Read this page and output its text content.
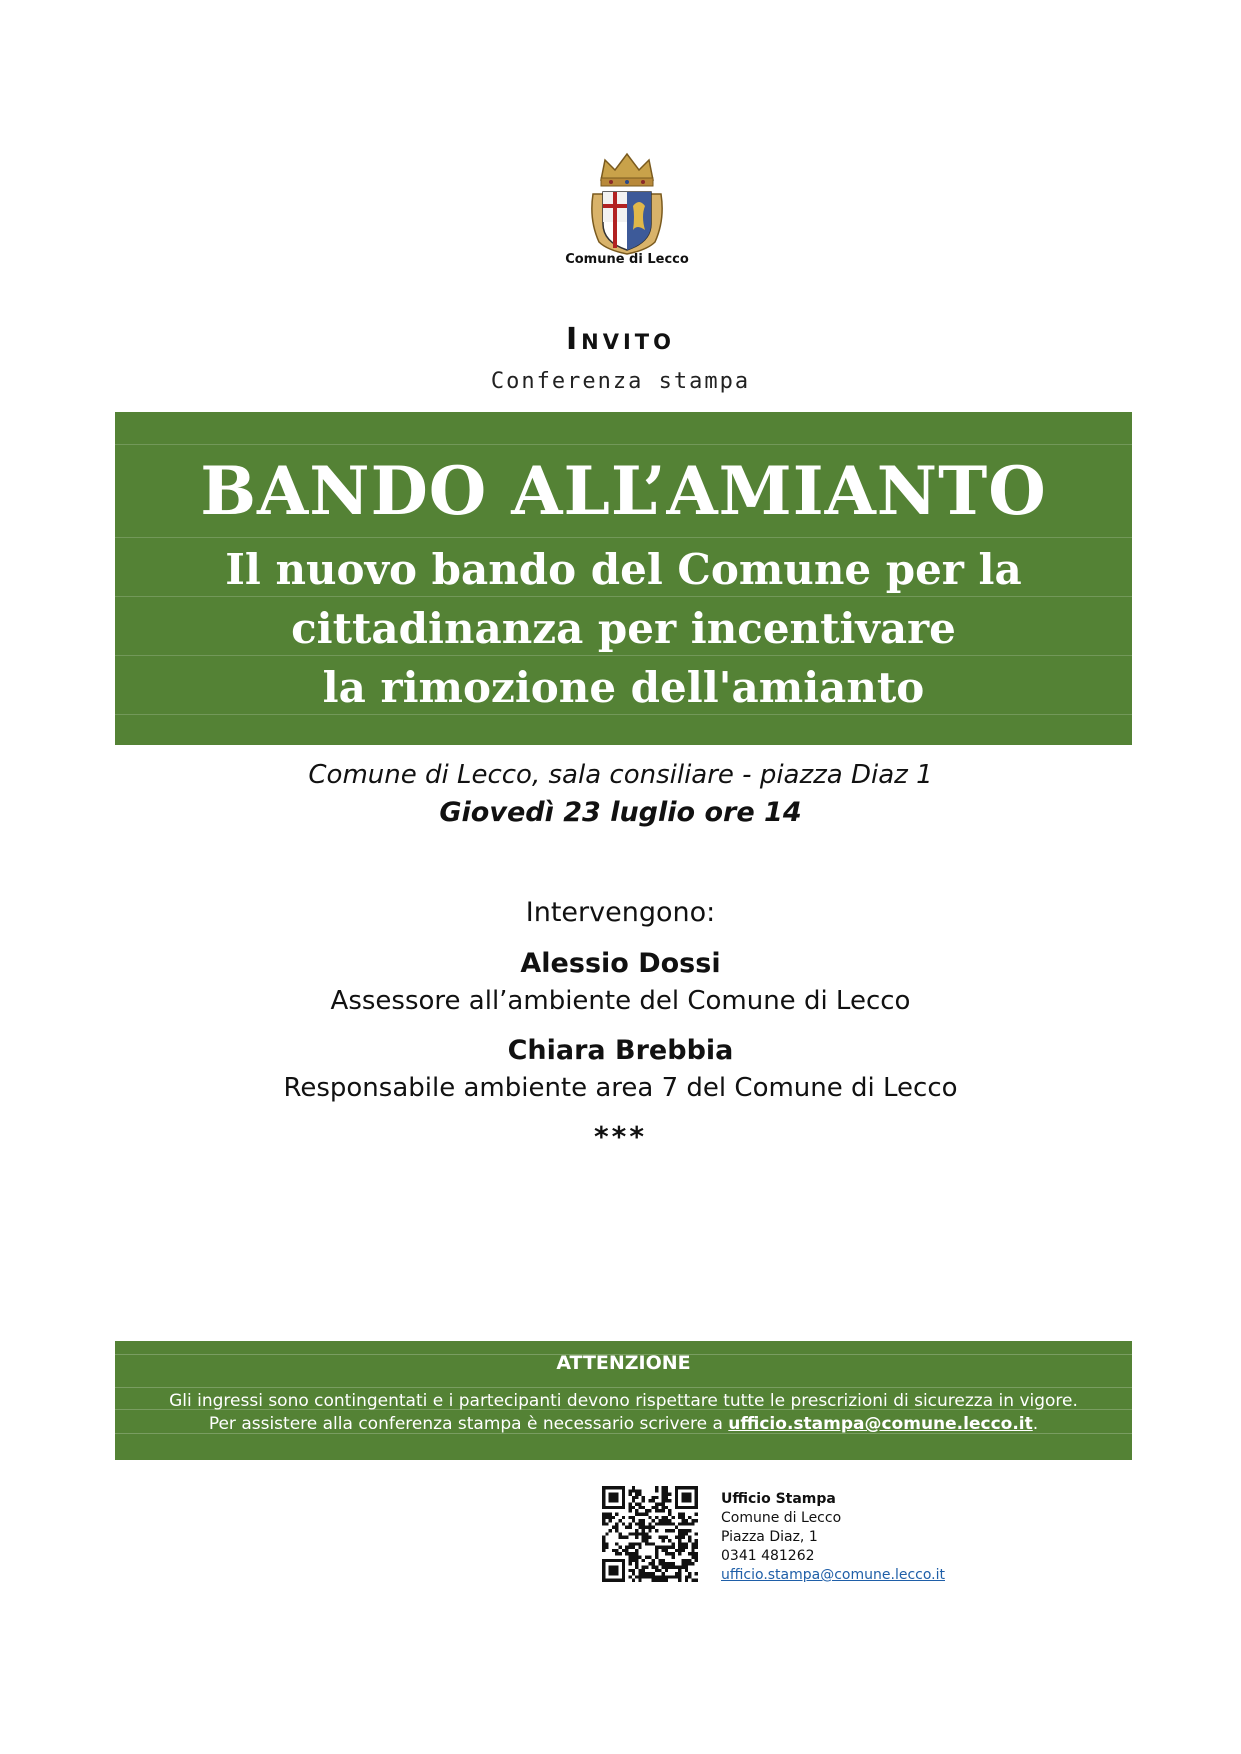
Comune di Lecco
Invito
Conferenza stampa
BANDO ALL’AMIANTO
Il nuovo bando del Comune per la
cittadinanza per incentivare
la rimozione dell'amianto
Comune di Lecco, sala consiliare - piazza Diaz 1
Giovedì 23 luglio ore 14
Intervengono:
Alessio Dossi
Assessore all’ambiente del Comune di Lecco
Chiara Brebbia
Responsabile ambiente area 7 del Comune di Lecco
***
ATTENZIONE
Gli ingressi sono contingentati e i partecipanti devono rispettare tutte le prescrizioni di sicurezza in vigore.
Per assistere alla conferenza stampa è necessario scrivere a ufficio.stampa@comune.lecco.it.
Ufficio Stampa
Comune di Lecco
Piazza Diaz, 1
0341 481262
ufficio.stampa@comune.lecco.it
